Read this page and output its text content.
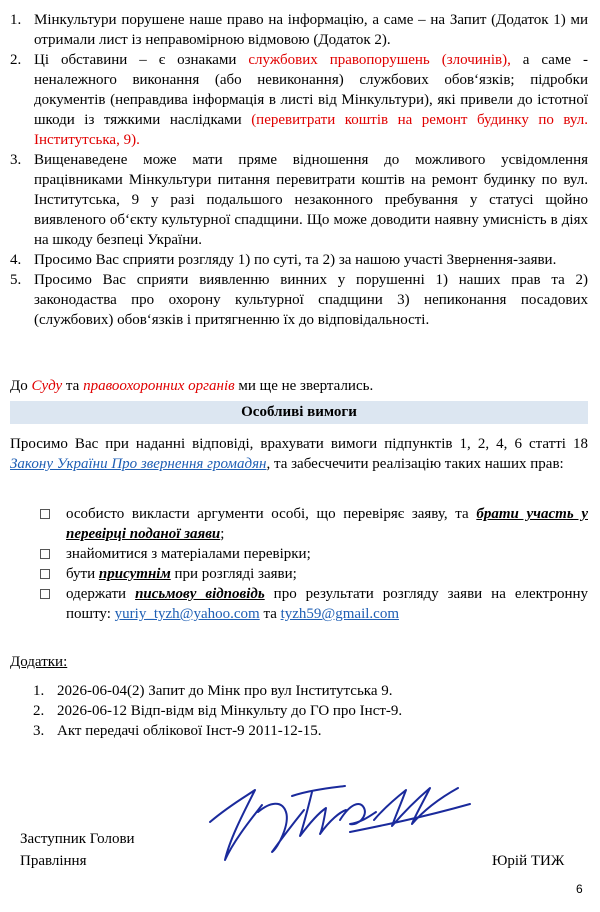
1. Мінкультури порушене наше право на інформацію, а саме – на Запит (Додаток 1) ми отримали лист із неправомірною відмовою (Додаток 2).
2. Ці обставини – є ознаками службових правопорушень (злочинів), а саме - неналежного виконання (або невиконання) службових обов‘язків; підробки документів (неправдива інформація в листі від Мінкультури), які привели до істотної шкоди із тяжкими наслідками (перевитрати коштів на ремонт будинку по вул. Інститутська, 9).
3. Вищенаведене може мати пряме відношення до можливого усвідомлення працівниками Мінкультури питання перевитрати коштів на ремонт будинку по вул. Інститутська, 9 у разі подальшого незаконного пребування у статусі щойно виявленого об‘єкту культурної спадщини. Що може доводити наявну умисність в діях на шкоду безпеці України.
4. Просимо Вас сприяти розгляду 1) по суті, та 2) за нашою участі Звернення-заяви.
5. Просимо Вас сприяти виявленню винних у порушенні 1) наших прав та 2) законодаства про охорону культурної спадщини 3) непиконання посадових (службових) обов‘язків і притягненню їх до відповідальності.
До Суду та правоохоронних органів ми ще не звертались.
Особливі вимоги
Просимо Вас при наданні відповіді, врахувати вимоги підпунктів 1, 2, 4, 6 статті 18 Закону України Про звернення громадян, та забесчечити реалізацію таких наших прав:
особисто викласти аргументи особі, що перевіряє заяву, та брати участь у перевірці поданої заяви;
знайомитися з матеріалами перевірки;
бути присутнім при розгляді заяви;
одержати письмову відповідь про результати розгляду заяви на електронну пошту: yuriy_tyzh@yahoo.com та tyzh59@gmail.com
Додатки:
1. 2026-06-04(2) Запит до Мінк про вул Інститутська 9.
2. 2026-06-12 Відп-відм від Мінкульту до ГО про Інст-9.
3. Акт передачі облікової Інст-9 2011-12-15.
Заступник Голови
Правління	Юрій ТИЖ
6
